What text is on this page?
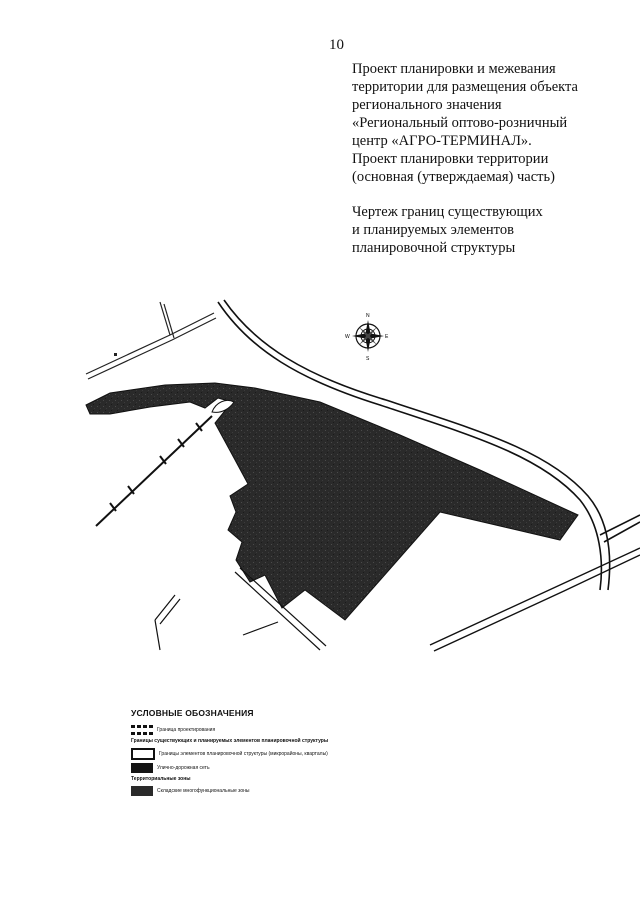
10
Проект планировки и межевания
территории для размещения объекта
регионального значения
«Региональный оптово-розничный
центр «АГРО-ТЕРМИНАЛ».
Проект планировки территории
(основная (утверждаемая) часть)
Чертеж границ существующих
и планируемых элементов
планировочной структуры
N
S
E
W
УСЛОВНЫЕ ОБОЗНАЧЕНИЯ
Граница проектирования
Границы существующих и планируемых элементов планировочной структуры
Границы элементов планировочной структуры (микрорайоны, кварталы)
Улично-дорожная сеть
Территориальные зоны
Складские многофункциональные зоны
